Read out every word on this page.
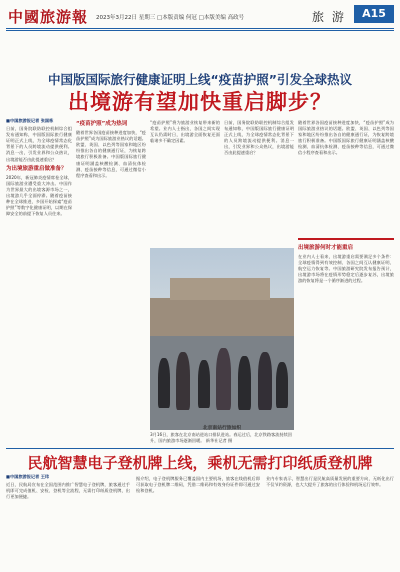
中國旅游報 2023年3月22日 星期三 □本版责编 何冠 □本版美编 高政号	旅 游	A15
中国版国际旅行健康证明上线“疫苗护照”引发全球热议
出境游有望加快重启脚步？
■中国旅游报记者 张国栋

日前，国务院联防联控机制综合组发布通知称，中国版国际旅行健康证明正式上线，为全球疫情常态化背景下的人员跨境流动提供便利。消息一出，引发业界和公众热议，出境游能否由此提速重启？

为出境旅游重启做准备？

2020年，新冠肺炎疫情席卷全球，国际旅游业遭受重大冲击。中国作为世界最大的出境客源市场之一，出境游几乎全面停滞。随着疫苗接种在全球推进，多国开始探索“疫苗护照”等数字化健康证明，以期在保障安全的前提下恢复人员往来。

“疫苗护照”成为热词

随着世界各国疫苗接种进度加快，“疫苗护照”成为国际旅游业热议的话题。欧盟、英国、以色列等国家和地区纷纷推出各自的健康通行证，为恢复跨境旅行积极准备。中国版国际旅行健康证明涵盖核酸检测、血清抗体检测、疫苗接种等信息，可通过微信小程序查看和出示。

“疫苗护照”将为旅游业恢复带来新的希望。业内人士指出，各国之间实现互认仍需时日，出境游全面恢复还面临诸多不确定因素。

日前，国务院联防联控机制综合组发布通知称，中国版国际旅行健康证明正式上线，为全球疫情常态化背景下的人员跨境流动提供便利。消息一出，引发业界和公众热议，出境游能否由此提速重启？

随着世界各国疫苗接种进度加快，“疫苗护照”成为国际旅游业热议的话题。欧盟、英国、以色列等国家和地区纷纷推出各自的健康通行证，为恢复跨境旅行积极准备。中国版国际旅行健康证明涵盖核酸检测、血清抗体检测、疫苗接种等信息，可通过微信小程序查看和出示。

出境旅游何时才能重启

在业内人士看来，出境游重启需要满足多个条件：全球疫情得到有效控制、各国之间互认健康证明、航空运力恢复等。中国旅游研究院发布报告预计，出境游市场将在疫情形势稳定后逐步复苏，出境旅游的恢复将是一个循序渐进的过程。

北京南站行旅如织
3月16日，旅客在北京南站进站口排队进站。春运过后，北京铁路客流持续回升，国内旅游市场逐渐回暖。 新华社记者 摄
民航智慧电子登机牌上线，乘机无需打印纸质登机牌
■中国旅游报记者 王玮

近日，民航局宣布在全国范围内推广智慧电子登机牌，旅客通过手机即可完成值机、安检、登机等全流程，无需打印纸质登机牌，出行更加便捷。

据介绍，电子登机牌服务已覆盖国内主要机场，旅客在线值机后即可获取电子登机牌二维码，凭借二维码和有效身份证件即可通过安检和登机。

业内专家表示，智慧出行是民航高质量发展的重要方向，无纸化出行不仅节约资源，也大大提升了旅客的出行体验和机场运行效率。
